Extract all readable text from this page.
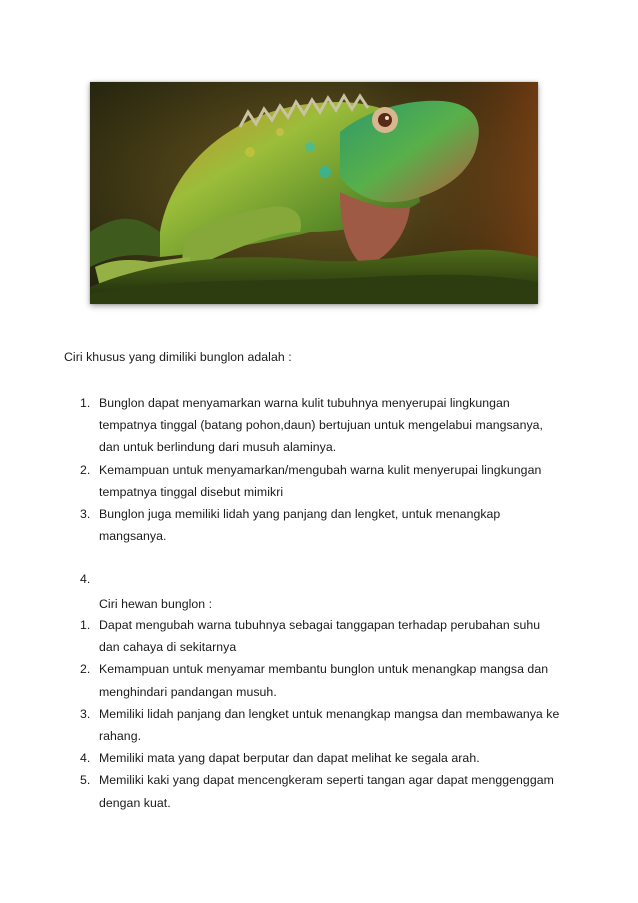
Ciri khusus yang dimiliki bunglon adalah :
1. Bunglon dapat menyamarkan warna kulit tubuhnya menyerupai lingkungan
tempatnya tinggal (batang pohon,daun) bertujuan untuk mengelabui mangsanya,
dan untuk berlindung dari musuh alaminya.
2. Kemampuan untuk menyamarkan/mengubah warna kulit menyerupai lingkungan
tempatnya tinggal disebut mimikri
3. Bunglon juga memiliki lidah yang panjang dan lengket, untuk menangkap
mangsanya.
4.
Ciri hewan bunglon :
1. Dapat mengubah warna tubuhnya sebagai tanggapan terhadap perubahan suhu
dan cahaya di sekitarnya
2. Kemampuan untuk menyamar membantu bunglon untuk menangkap mangsa dan
menghindari pandangan musuh.
3. Memiliki lidah panjang dan lengket untuk menangkap mangsa dan membawanya ke
rahang.
4. Memiliki mata yang dapat berputar dan dapat melihat ke segala arah.
5. Memiliki kaki yang dapat mencengkeram seperti tangan agar dapat menggenggam
dengan kuat.
